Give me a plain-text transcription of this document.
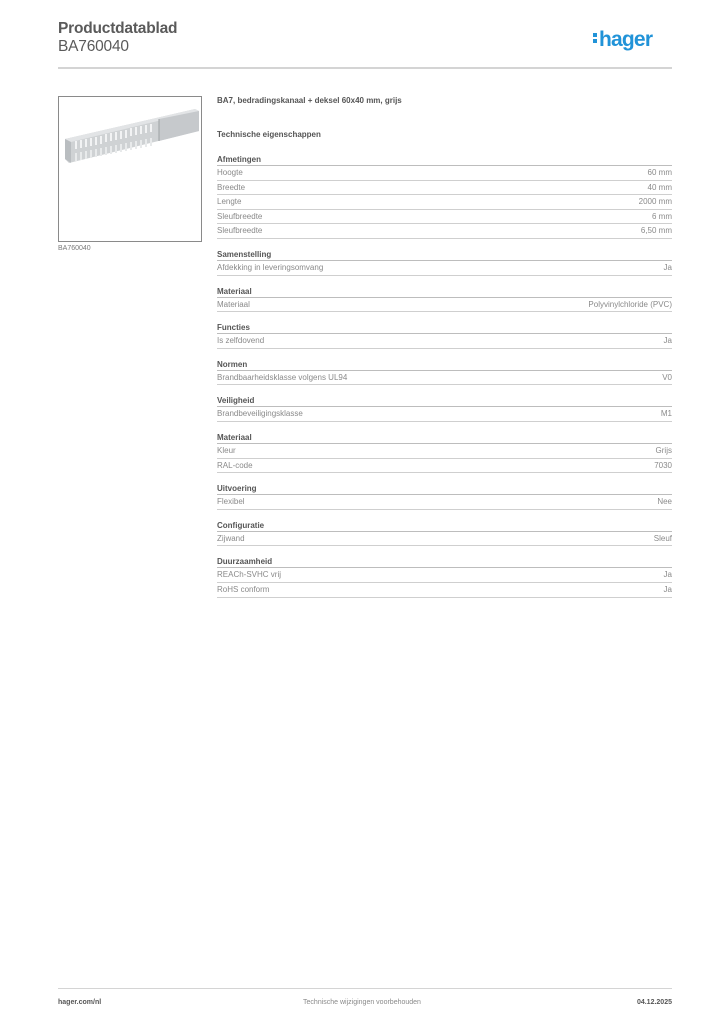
Productdatablad
BA760040	hager
BA760040
BA7, bedradingskanaal + deksel 60x40 mm, grijs
Technische eigenschappen
Afmetingen
Hoogte	60 mm
Breedte	40 mm
Lengte	2000 mm
Sleufbreedte	6 mm
Sleufbreedte	6,50 mm
Samenstelling
Afdekking in leveringsomvang	Ja
Materiaal
Materiaal	Polyvinylchloride (PVC)
Functies
Is zelfdovend	Ja
Normen
Brandbaarheidsklasse volgens UL94	V0
Veiligheid
Brandbeveiligingsklasse	M1
Materiaal
Kleur	Grijs
RAL-code	7030
Uitvoering
Flexibel	Nee
Configuratie
Zijwand	Sleuf
Duurzaamheid
REACh-SVHC vrij	Ja
RoHS conform	Ja
hager.com/nl	Technische wijzigingen voorbehouden	04.12.2025
